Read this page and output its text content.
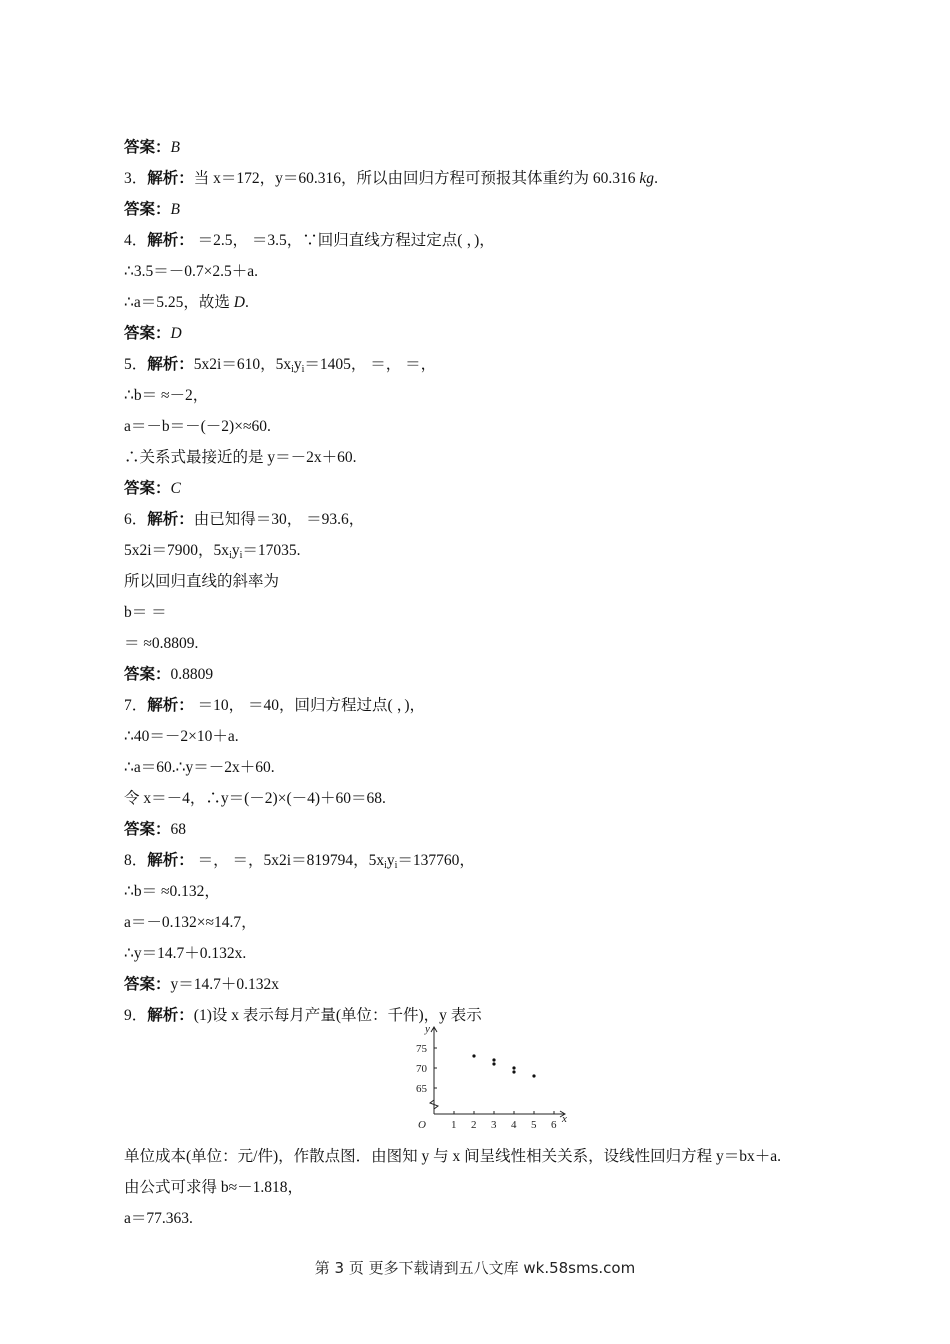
答案：B
3．解析：当 x＝172，y＝60.316，所以由回归方程可预报其体重约为 60.316 kg.
答案：B
4．解析： ＝2.5， ＝3.5，∵回归直线方程过定点( ，)，
∴3.5＝－0.7×2.5＋a.
∴a＝5.25，故选 D.
答案：D
5．解析：5x2i＝610，$5x_iy_i=1405$， ＝， ＝，
∴b＝ ≈－2，
a＝－b＝－(－2)×≈60.
∴关系式最接近的是 y＝－2x＋60.
答案：C
6．解析：由已知得＝30， ＝93.6，
5x2i＝7900，$5x_iy_i=17035$.
所以回归直线的斜率为
b＝ ＝
＝ ≈0.8809.
答案：0.8809
7．解析： ＝10， ＝40，回归方程过点( ，)，
∴40＝－2×10＋a.
∴a＝60.∴y＝－2x＋60.
令 x＝－4，∴y＝(－2)×(－4)＋60＝68.
答案：68
8．解析： ＝， ＝，5x2i＝819794，$5x_iy_i=137760$，
∴b＝ ≈0.132，
a＝－0.132×≈14.7，
∴y＝14.7＋0.132x.
答案：y＝14.7＋0.132x
9．解析：(1)设 x 表示每月产量(单位：千件)，y 表示
单位成本(单位：元/件)，作散点图．由图知 y 与 x 间呈线性相关关系，设线性回归方程 y＝bx＋a.
由公式可求得 b≈－1.818，
a＝77.363.
x
y
O 1 2 3 4 5 6
65
70
75
第 3 页 更多下载请到五八文库 wk.58sms.com
